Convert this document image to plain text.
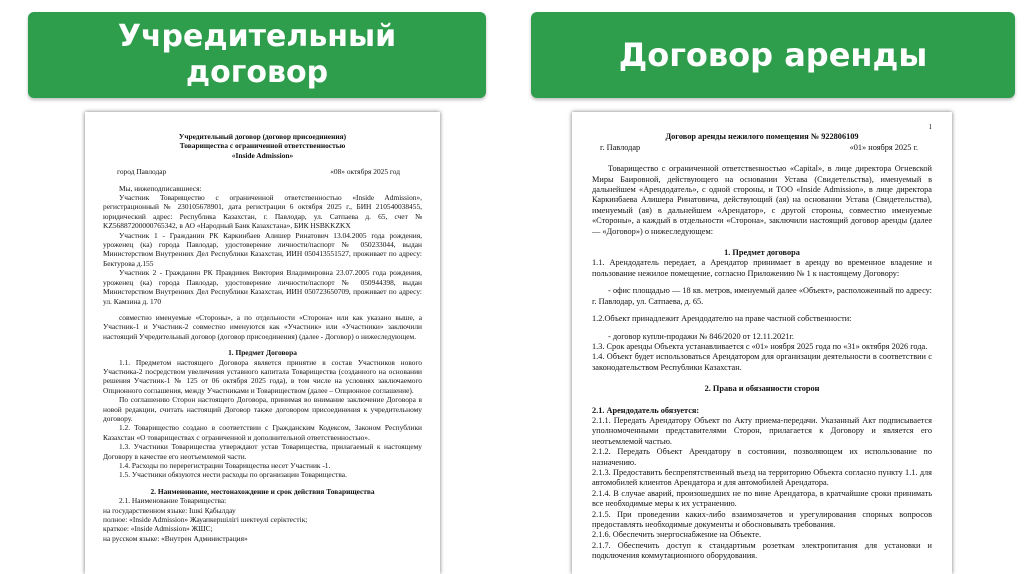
Учредительный
договор	Договор аренды
Учредительный договор (договор присоединения)
Товарищества с ограниченной ответственностью
«Inside Admission»
город Павлодар	«08» октября 2025 год
Мы, нижеподписавшиеся:
Участник Товарищество с ограниченной ответственностью «Inside Admission», регистрационный № 230105678901, дата регистрации 6 октября 2025 г., БИН 210540038455, юридический адрес: Республика Казахстан, г. Павлодар, ул. Сатпаева д. 65, счет № KZ56887200000765342, в АО «Народный Банк Казахстана», БИК HSBKKZKX
Участник 1 - Гражданин РК Каркинбаев Алишер Ринатович 13.04.2005 года рождения, уроженец (ка) города Павлодар, удостоверение личности/паспорт № 050233044, выдан Министерством Внутренних Дел Республики Казахстан, ИИН 050413551527, проживает по адресу: Бектурова д.155
Участник 2 - Гражданин РК Правдивек Виктория Владимировна 23.07.2005 года рождения, уроженец (ка) города Павлодар, удостоверение личности/паспорт № 050944398, выдан Министерством Внутренних Дел Республики Казахстан, ИИН 050723650709, проживает по адресу: ул. Камзина д. 170
совместно именуемые «Стороны», а по отдельности «Сторона» или как указано выше, а Участник-1 и Участник-2 совместно именуются как «Участник» или «Участники» заключили настоящий Учредительный договор (договор присоединения) (далее - Договор) о нижеследующем.
1. Предмет Договора
1.1. Предметом настоящего Договора является принятие в состав Участников нового Участника-2 посредством увеличения уставного капитала Товарищества (созданного на основании решения Участник-1 № 125 от 06 октября 2025 года), в том числе на условиях заключаемого Опционного соглашения, между Участниками и Товариществом (далее – Опционное соглашение).
По соглашению Сторон настоящего Договора, принимая во внимание заключение Договора в новой редакции, считать настоящий Договор также договором присоединения к учредительному договору.
1.2. Товарищество создано в соответствии с Гражданским Кодексом, Законом Республики Казахстан «О товариществах с ограниченной и дополнительной ответственностью».
1.3. Участники Товарищества утверждают устав Товарищества, прилагаемый к настоящему Договору в качестве его неотъемлемой части.
1.4. Расходы по перерегистрации Товарищества несет Участник -1.
1.5. Участники обязуются нести расходы по организации Товарищества.
2. Наименование, местонахождение и срок действия Товарищества
2.1. Наименование Товарищества:
на государственном языке: Ішкі Қабылдау
полное: «Inside Admission» Жауапкершілігі шектеулі серіктестік;
краткое: «Inside Admission» ЖШС;
на русском языке: «Внутрен Администрация»
1
Договор аренды нежилого помещения № 922806109
г. Павлодар	«01» ноября 2025 г.
Товарищество с ограниченной ответственностью «Capital», в лице директора Огневской Миры Баировной, действующего на основании Устава (Свидетельства), именуемый в дальнейшем «Арендодатель», с одной стороны, и ТОО «Inside Admission», в лице директора Каркинбаева Алишера Ринатовича, действующий (ая) на основании Устава (Свидетельства), именуемый (ая) в дальнейшем «Арендатор», с другой стороны, совместно именуемые «Стороны», а каждый в отдельности «Сторона», заключили настоящий договор аренды (далее — «Договор») о нижеследующем:
1. Предмет договора
1.1. Арендодатель передает, а Арендатор принимает в аренду во временное владение и пользование нежилое помещение, согласно Приложению № 1 к настоящему Договору:
- офис площадью — 18 кв. метров, именуемый далее «Объект», расположенный по адресу: г. Павлодар, ул. Сатпаева, д. 65.
1.2.Объект принадлежит Арендодателю на праве частной собственности:
- договор купли-продажи № 846/2020 от 12.11.2021г.
1.3. Срок аренды Объекта устанавливается с «01» ноября 2025 года по «31» октября 2026 года.
1.4. Объект будет использоваться Арендатором для организации деятельности в соответствии с законодательством Республики Казахстан.
2. Права и обязанности сторон
2.1. Арендодатель обязуется:
2.1.1. Передать Арендатору Объект по Акту приема-передачи. Указанный Акт подписывается уполномоченными представителями Сторон, прилагается к Договору и является его неотъемлемой частью.
2.1.2. Передать Объект Арендатору в состоянии, позволяющем их использование по назначению.
2.1.3. Предоставить беспрепятственный въезд на территорию Объекта согласно пункту 1.1. для автомобилей клиентов Арендатора и для автомобилей Арендатора.
2.1.4. В случае аварий, произошедших не по вине Арендатора, в кратчайшие сроки принимать все необходимые меры к их устранению.
2.1.5. При проведении каких-либо взаимозачетов и урегулирования спорных вопросов предоставлять необходимые документы и обосновывать требования.
2.1.6. Обеспечить энергоснабжение на Объекте.
2.1.7. Обеспечить доступ к стандартным розеткам электропитания для установки и подключения коммутационного оборудования.
